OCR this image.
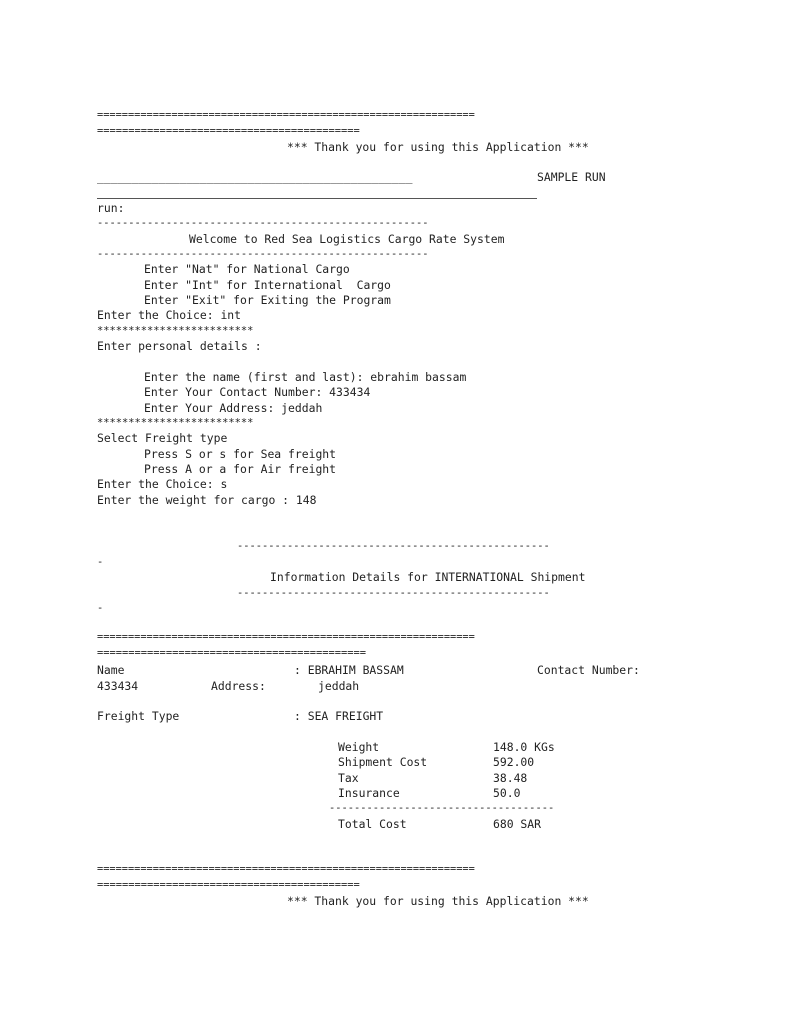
=============================================================
==========================================
*** Thank you for using this Application ***
______________________________________________	SAMPLE RUN
run:
-----------------------------------------------------
Welcome to Red Sea Logistics Cargo Rate System
-----------------------------------------------------
Enter "Nat" for National Cargo
Enter "Int" for International  Cargo
Enter "Exit" for Exiting the Program
Enter the Choice: int
*************************
Enter personal details :
Enter the name (first and last): ebrahim bassam
Enter Your Contact Number: 433434
Enter Your Address: jeddah
*************************
Select Freight type
Press S or s for Sea freight
Press A or a for Air freight
Enter the Choice: s
Enter the weight for cargo : 148
--------------------------------------------------
-
Information Details for INTERNATIONAL Shipment
--------------------------------------------------
-
=============================================================
===========================================
Name	: EBRAHIM BASSAM	Contact Number:
433434	Address:	jeddah
Freight Type	: SEA FREIGHT
Weight	148.0 KGs
Shipment Cost	592.00
Tax	38.48
Insurance	50.0
------------------------------------
Total Cost	680 SAR
=============================================================
==========================================
*** Thank you for using this Application ***
